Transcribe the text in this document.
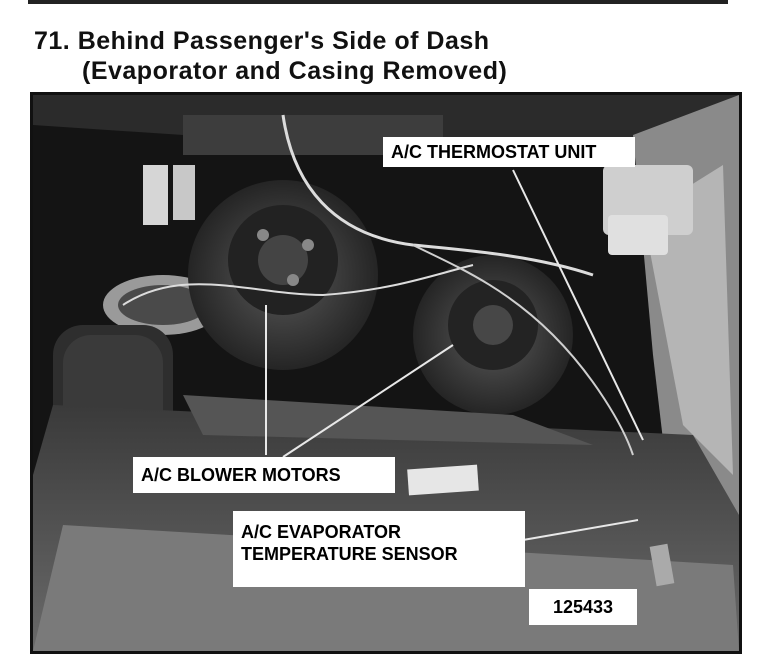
71. Behind Passenger's Side of Dash
(Evaporator and Casing Removed)
A/C THERMOSTAT UNIT
A/C BLOWER MOTORS
A/C EVAPORATOR
TEMPERATURE SENSOR
125433
